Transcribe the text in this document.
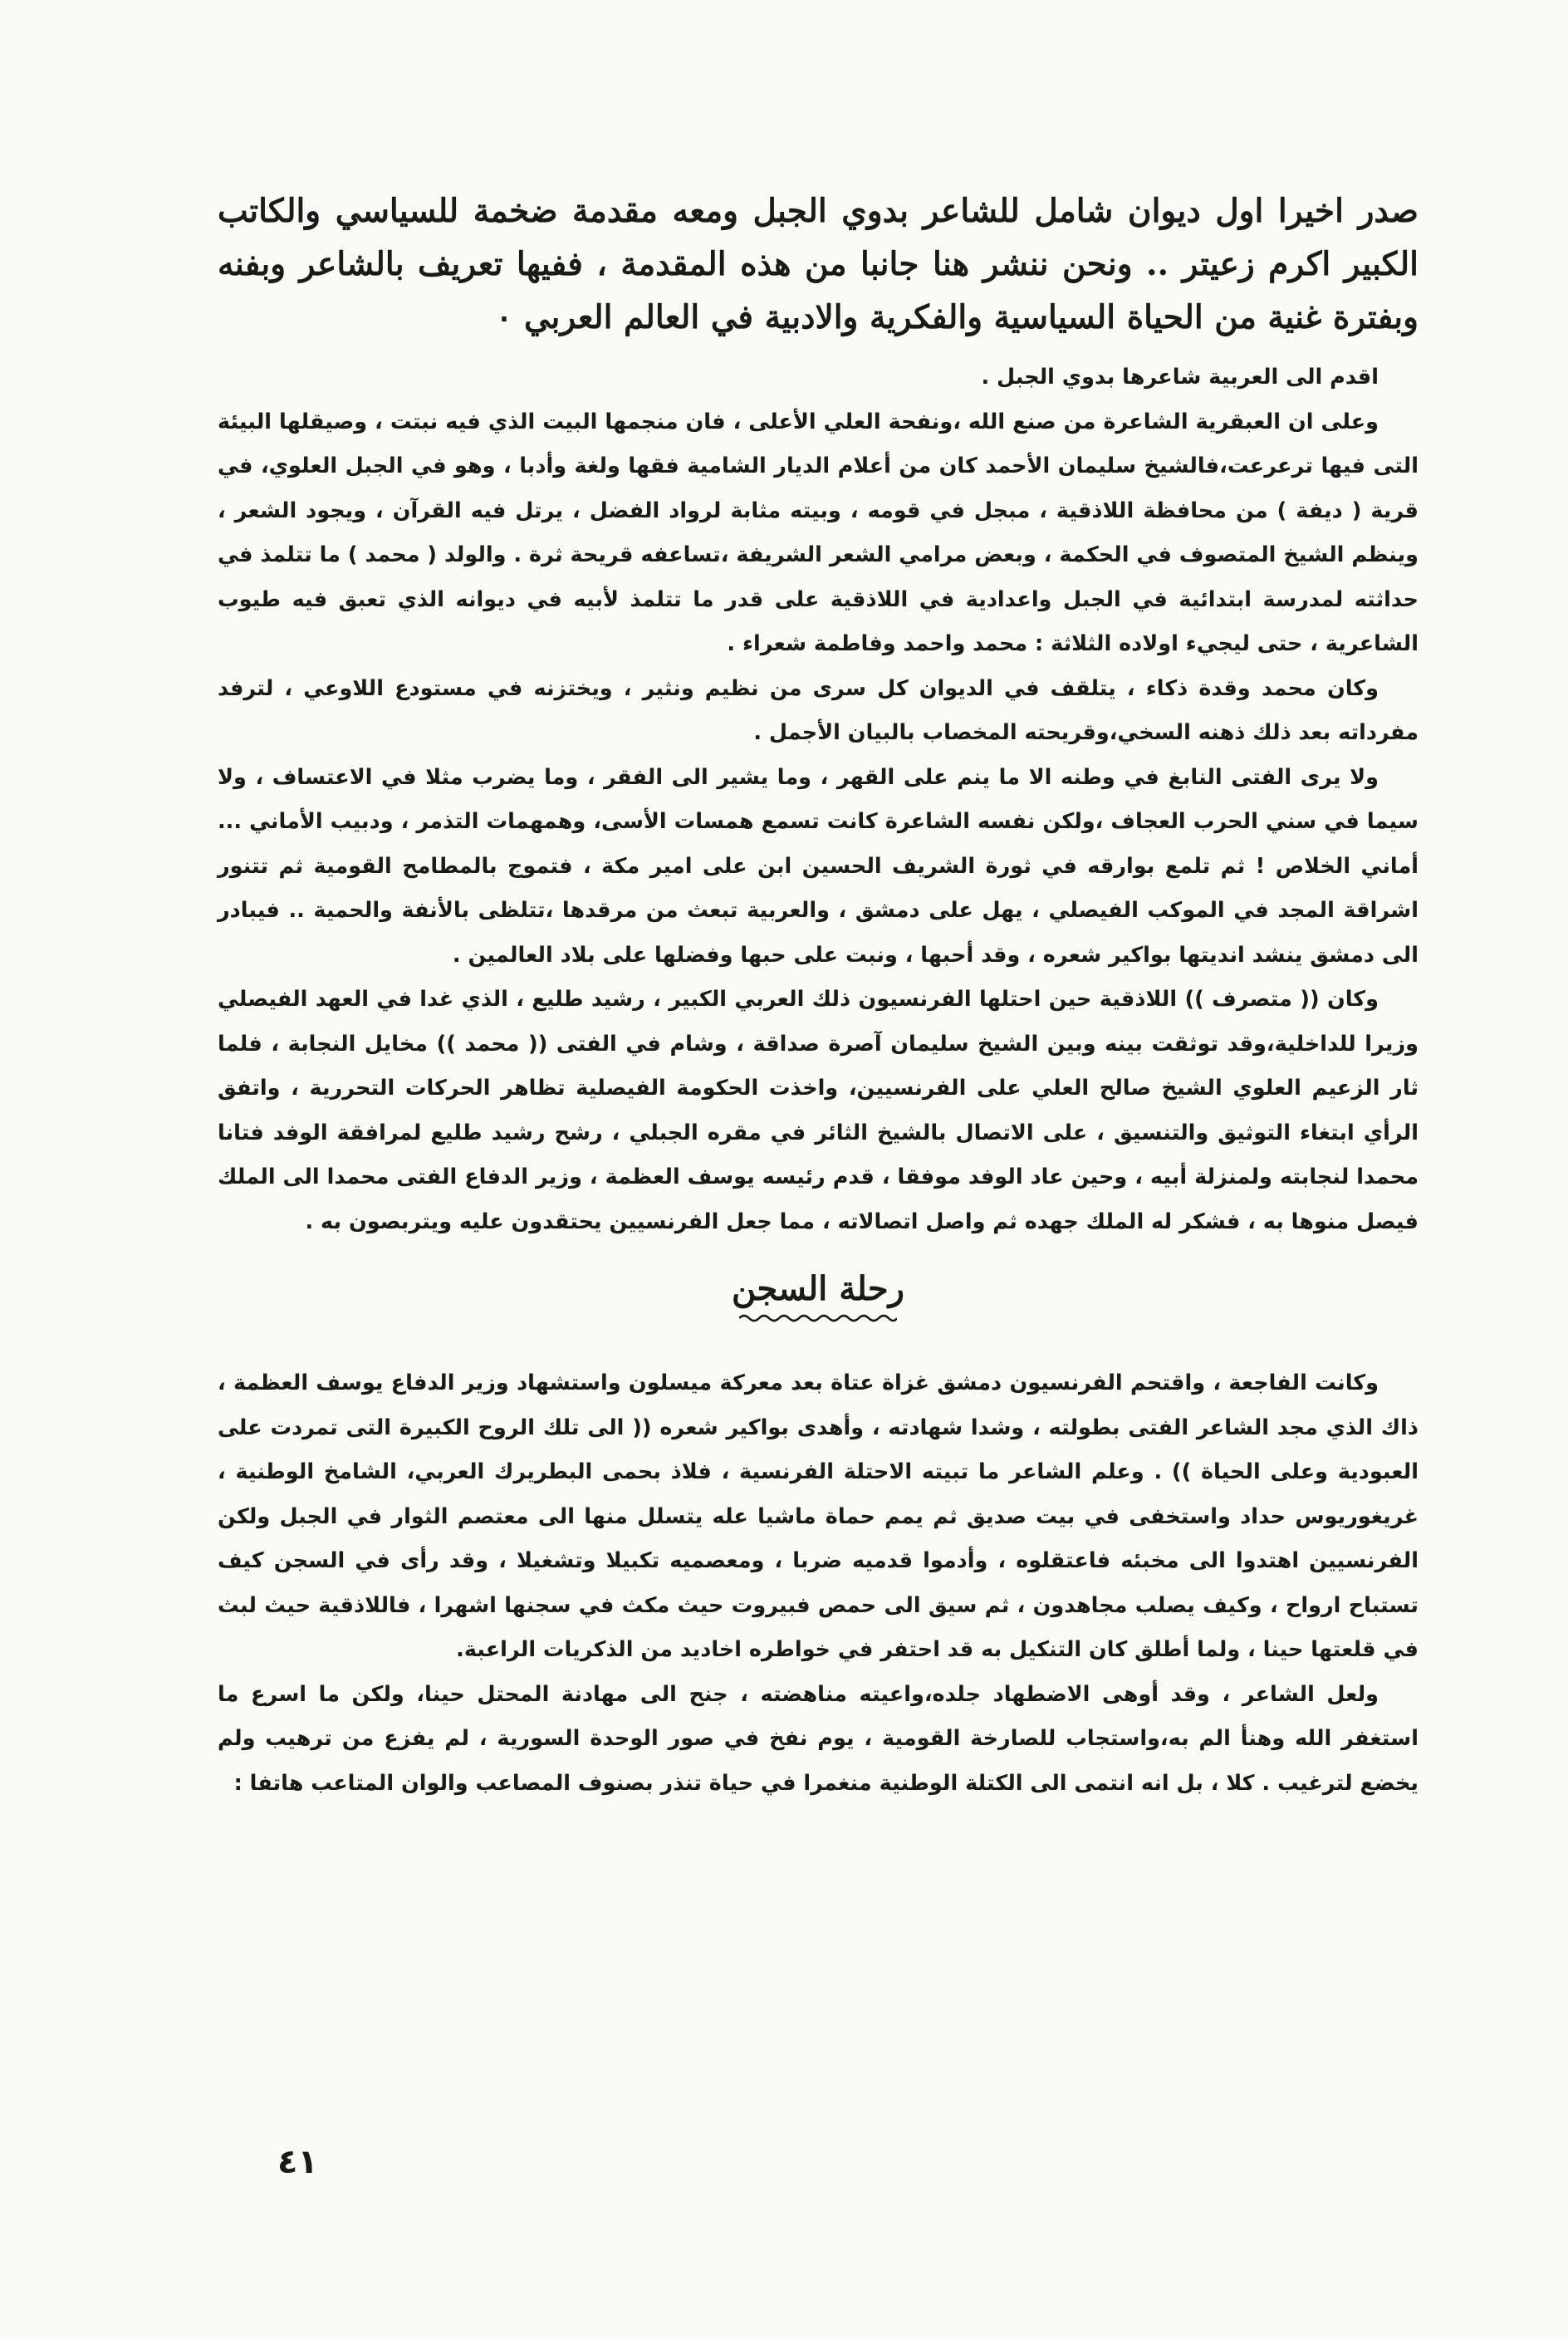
صدر اخيرا اول ديوان شامل للشاعر بدوي الجبل ومعه مقدمة ضخمة للسياسي والكاتب الكبير اكرم زعيتر .. ونحن ننشر هنا جانبا من هذه المقدمة ، ففيها تعريف بالشاعر وبفنه وبفترة غنية من الحياة السياسية والفكرية والادبية في العالم العربي ٠

اقدم الى العربية شاعرها بدوي الجبل .

وعلى ان العبقرية الشاعرة من صنع الله ،ونفحة العلي الأعلى ، فان منجمها البيت الذي فيه نبتت ، وصيقلها البيئة التى فيها ترعرعت،فالشيخ سليمان الأحمد كان من أعلام الديار الشامية فقها ولغة وأدبا ، وهو في الجبل العلوي، في قرية ( ديفة ) من محافظة اللاذقية ، مبجل في قومه ، وبيته مثابة لرواد الفضل ، يرتل فيه القرآن ، ويجود الشعر ، وينظم الشيخ المتصوف في الحكمة ، وبعض مرامي الشعر الشريفة ،تساعفه قريحة ثرة . والولد ( محمد ) ما تتلمذ في حداثته لمدرسة ابتدائية في الجبل واعدادية في اللاذقية على قدر ما تتلمذ لأبيه في ديوانه الذي تعبق فيه طيوب الشاعرية ، حتى ليجيء اولاده الثلاثة : محمد واحمد وفاطمة شعراء .

وكان محمد وقدة ذكاء ، يتلقف في الديوان كل سرى من نظيم ونثير ، ويختزنه في مستودع اللاوعي ، لترفد مفرداته بعد ذلك ذهنه السخي،وقريحته المخصاب بالبيان الأجمل .

ولا يرى الفتى النابغ في وطنه الا ما ينم على القهر ، وما يشير الى الفقر ، وما يضرب مثلا في الاعتساف ، ولا سيما في سني الحرب العجاف ،ولكن نفسه الشاعرة كانت تسمع همسات الأسى، وهمهمات التذمر ، ودبيب الأماني ... أماني الخلاص ! ثم تلمع بوارقه في ثورة الشريف الحسين ابن على امير مكة ، فتموج بالمطامح القومية ثم تتنور اشراقة المجد في الموكب الفيصلي ، يهل على دمشق ، والعربية تبعث من مرقدها ،تتلظى بالأنفة والحمية .. فيبادر الى دمشق ينشد انديتها بواكير شعره ، وقد أحبها ، ونبت على حبها وفضلها على بلاد العالمين .

وكان (( متصرف )) اللاذقية حين احتلها الفرنسيون ذلك العربي الكبير ، رشيد طليع ، الذي غدا في العهد الفيصلي وزيرا للداخلية،وقد توثقت بينه وبين الشيخ سليمان آصرة صداقة ، وشام في الفتى (( محمد )) مخايل النجابة ، فلما ثار الزعيم العلوي الشيخ صالح العلي على الفرنسيين، واخذت الحكومة الفيصلية تظاهر الحركات التحررية ، واتفق الرأي ابتغاء التوثيق والتنسيق ، على الاتصال بالشيخ الثائر في مقره الجبلي ، رشح رشيد طليع لمرافقة الوفد فتانا محمدا لنجابته ولمنزلة أبيه ، وحين عاد الوفد موفقا ، قدم رئيسه يوسف العظمة ، وزير الدفاع الفتى محمدا الى الملك فيصل منوها به ، فشكر له الملك جهده ثم واصل اتصالاته ، مما جعل الفرنسيين يحتقدون عليه ويتربصون به .

رحلة السجن

وكانت الفاجعة ، واقتحم الفرنسيون دمشق غزاة عتاة بعد معركة ميسلون واستشهاد وزير الدفاع يوسف العظمة ، ذاك الذي مجد الشاعر الفتى بطولته ، وشدا شهادته ، وأهدى بواكير شعره (( الى تلك الروح الكبيرة التى تمردت على العبودية وعلى الحياة )) . وعلم الشاعر ما تبيته الاحتلة الفرنسية ، فلاذ بحمى البطريرك العربي، الشامخ الوطنية ، غريغوريوس حداد واستخفى في بيت صديق ثم يمم حماة ماشيا عله يتسلل منها الى معتصم الثوار في الجبل ولكن الفرنسيين اهتدوا الى مخبئه فاعتقلوه ، وأدموا قدميه ضربا ، ومعصميه تكبيلا وتشغيلا ، وقد رأى في السجن كيف تستباح ارواح ، وكيف يصلب مجاهدون ، ثم سيق الى حمص فبيروت حيث مكث في سجنها اشهرا ، فاللاذقية حيث لبث في قلعتها حينا ، ولما أطلق كان التنكيل به قد احتفر في خواطره اخاديد من الذكريات الراعبة.

ولعل الشاعر ، وقد أوهى الاضطهاد جلده،واعيته مناهضته ، جنح الى مهادنة المحتل حينا، ولكن ما اسرع ما استغفر الله وهنأ الم به،واستجاب للصارخة القومية ، يوم نفخ في صور الوحدة السورية ، لم يفزع من ترهيب ولم يخضع لترغيب . كلا ، بل انه انتمى الى الكتلة الوطنية منغمرا في حياة تنذر بصنوف المصاعب والوان المتاعب هاتفا :

٤١
